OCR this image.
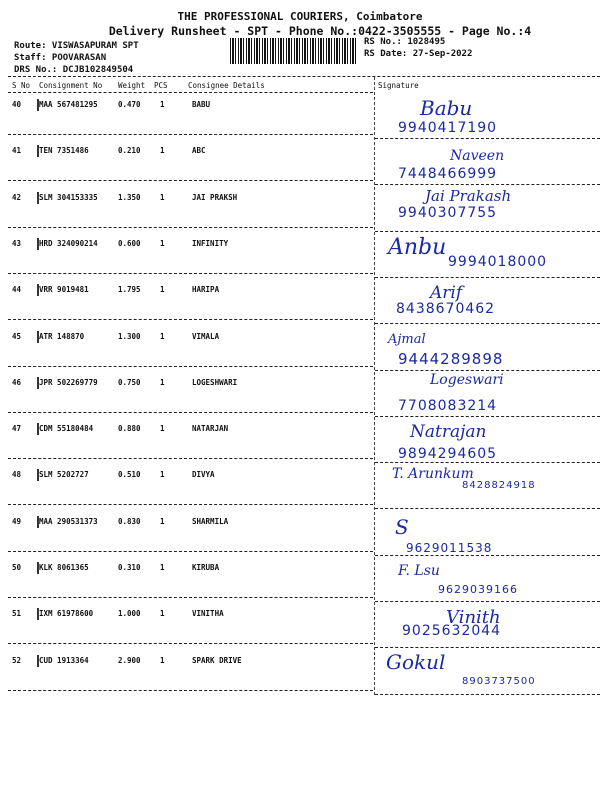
THE PROFESSIONAL COURIERS, Coimbatore
Delivery Runsheet - SPT - Phone No.:0422-3505555 - Page No.:4
Route: VISWASAPURAM SPT
Staff: POOVARASAN
DRS No.: DCJB102849504
RS No.: 1028495
RS Date: 27-Sep-2022
S No Consignment No Weight PCS	Consignee Details	Signature
40 MAA 567481295	0.470	1	BABU	Babu
9940417190
41 TEN 7351486	0.210	1	ABC	Naveen
7448466999
42 SLM 304153335	1.350	1	JAI PRAKSH	Jai Prakash
9940307755
43 HRD 324090214	0.600	1	INFINITY	Anbu
9994018000
44 VRR 9019481	1.795	1	HARIPA	Arif
8438670462
45 ATR 148870	1.300	1	VIMALA	Ajmal
9444289898
46 JPR 502269779	0.750	1	LOGESHWARI	Logeswari
7708083214
47 CDM 55180484	0.880	1	NATARJAN	Natrajan
9894294605
48 SLM 5202727	0.510	1	DIVYA	T. Arunkum
8428824918
49 MAA 290531373	0.830	1	SHARMILA	S
9629011538
50 KLK 8061365	0.310	1	KIRUBA	F. Lsu
9629039166
51 IXM 61978600	1.000	1	VINITHA	Vinith
9025632044
52 CUD 1913364	2.900	1	SPARK DRIVE	Gokul
8903737500
